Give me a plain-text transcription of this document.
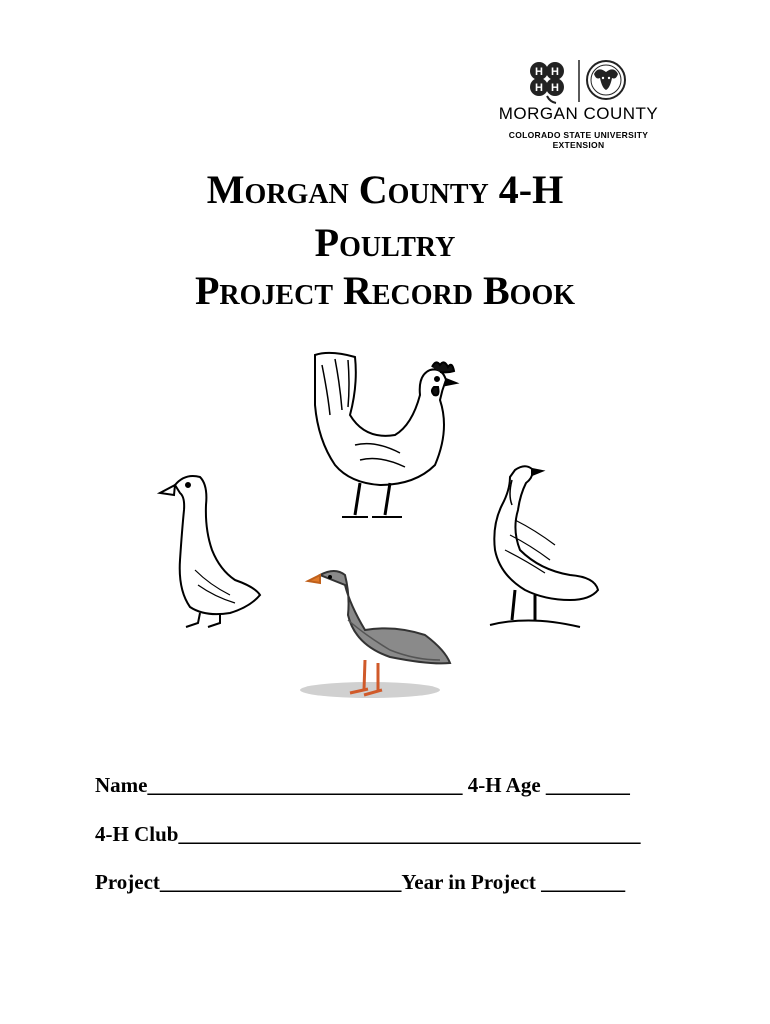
H H
H H
MORGAN COUNTY
COLORADO STATE UNIVERSITY
EXTENSION
Morgan County 4-H
Poultry
Project Record Book
Name______________________________ 4-H Age ________
4-H Club____________________________________________
Project_______________________Year in Project ________
